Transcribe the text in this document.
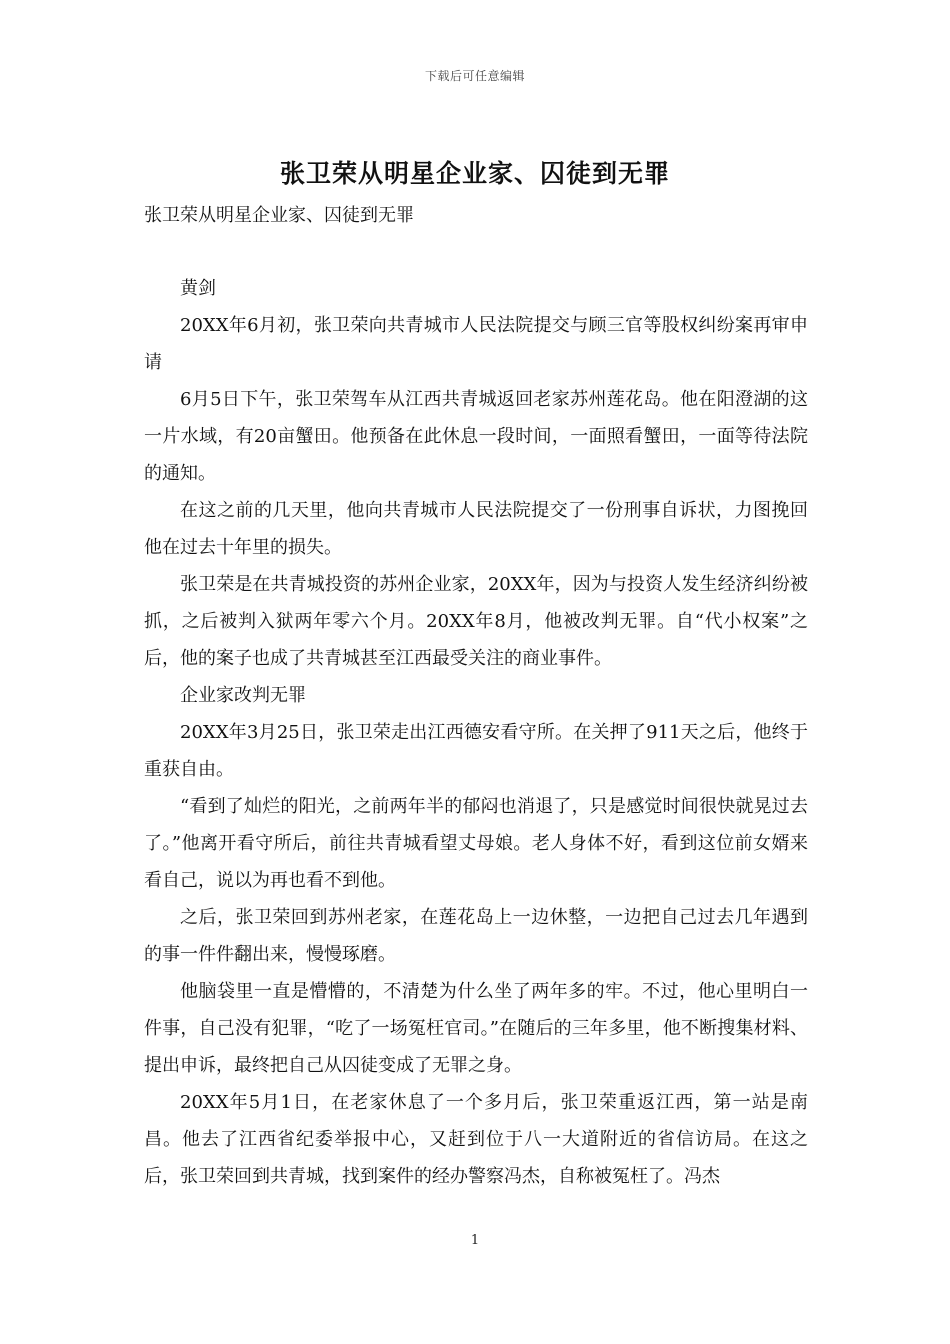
下载后可任意编辑
张卫荣从明星企业家、囚徒到无罪

张卫荣从明星企业家、囚徒到无罪

黄剑

20XX年6月初，张卫荣向共青城市人民法院提交与顾三官等股权纠纷案再审申请

6月5日下午，张卫荣驾车从江西共青城返回老家苏州莲花岛。他在阳澄湖的这一片水域，有20亩蟹田。他预备在此休息一段时间，一面照看蟹田，一面等待法院的通知。

在这之前的几天里，他向共青城市人民法院提交了一份刑事自诉状，力图挽回他在过去十年里的损失。

张卫荣是在共青城投资的苏州企业家，20XX年，因为与投资人发生经济纠纷被抓，之后被判入狱两年零六个月。20XX年8月，他被改判无罪。自“代小权案”之后，他的案子也成了共青城甚至江西最受关注的商业事件。

企业家改判无罪

20XX年3月25日，张卫荣走出江西德安看守所。在关押了911天之后，他终于重获自由。

“看到了灿烂的阳光，之前两年半的郁闷也消退了，只是感觉时间很快就晃过去了。”他离开看守所后，前往共青城看望丈母娘。老人身体不好，看到这位前女婿来看自己，说以为再也看不到他。

之后，张卫荣回到苏州老家，在莲花岛上一边休整，一边把自己过去几年遇到的事一件件翻出来，慢慢琢磨。

他脑袋里一直是懵懵的，不清楚为什么坐了两年多的牢。不过，他心里明白一件事，自己没有犯罪，“吃了一场冤枉官司。”在随后的三年多里，他不断搜集材料、提出申诉，最终把自己从囚徒变成了无罪之身。

20XX年5月1日，在老家休息了一个多月后，张卫荣重返江西，第一站是南昌。他去了江西省纪委举报中心，又赶到位于八一大道附近的省信访局。在这之后，张卫荣回到共青城，找到案件的经办警察冯杰，自称被冤枉了。冯杰

1
